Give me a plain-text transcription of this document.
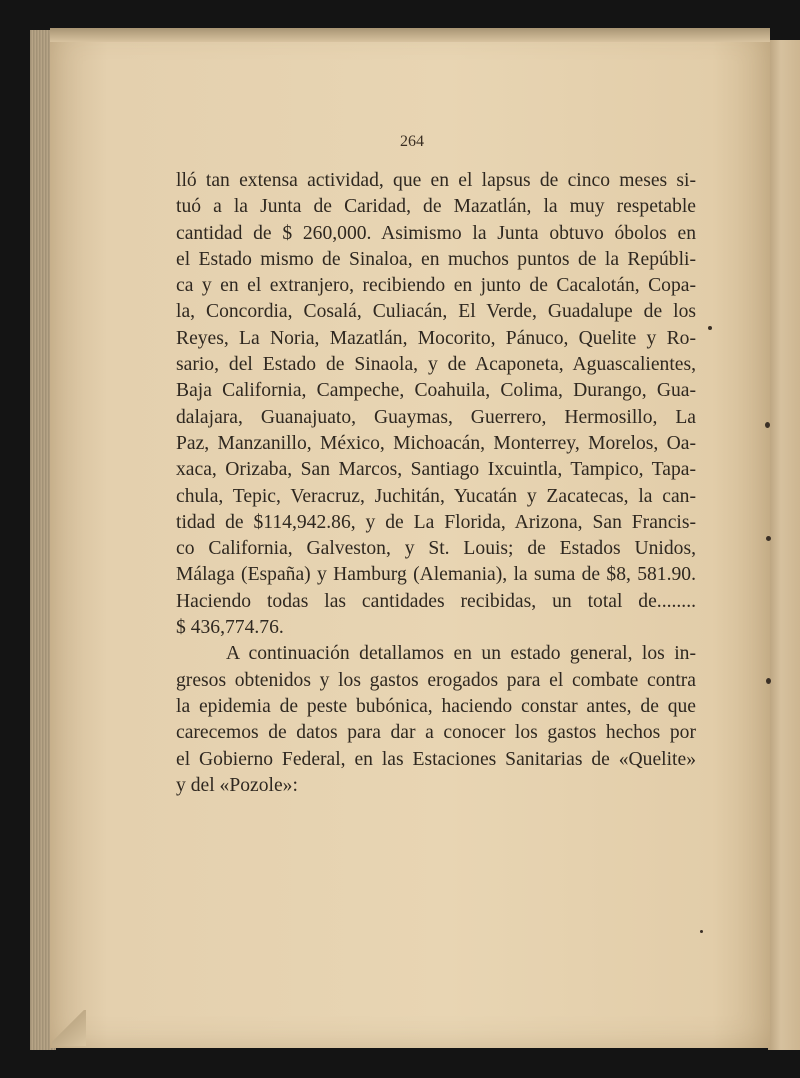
264
lló tan extensa actividad, que en el lapsus de cinco meses si-
tuó a la Junta de Caridad, de Mazatlán, la muy respetable
cantidad de $ 260,000. Asimismo la Junta obtuvo óbolos en
el Estado mismo de Sinaloa, en muchos puntos de la Repúbli-
ca y en el extranjero, recibiendo en junto de Cacalotán, Copa-
la, Concordia, Cosalá, Culiacán, El Verde, Guadalupe de los
Reyes, La Noria, Mazatlán, Mocorito, Pánuco, Quelite y Ro-
sario, del Estado de Sinaola, y de Acaponeta, Aguascalientes,
Baja California, Campeche, Coahuila, Colima, Durango, Gua-
dalajara, Guanajuato, Guaymas, Guerrero, Hermosillo, La
Paz, Manzanillo, México, Michoacán, Monterrey, Morelos, Oa-
xaca, Orizaba, San Marcos, Santiago Ixcuintla, Tampico, Tapa-
chula, Tepic, Veracruz, Juchitán, Yucatán y Zacatecas, la can-
tidad de $114,942.86, y de La Florida, Arizona, San Francis-
co California, Galveston, y St. Louis; de Estados Unidos,
Málaga (España) y Hamburg (Alemania), la suma de $8, 581.90.
Haciendo todas las cantidades recibidas, un total de........
$ 436,774.76.
A continuación detallamos en un estado general, los in-
gresos obtenidos y los gastos erogados para el combate contra
la epidemia de peste bubónica, haciendo constar antes, de que
carecemos de datos para dar a conocer los gastos hechos por
el Gobierno Federal, en las Estaciones Sanitarias de «Quelite»
y del «Pozole»:
